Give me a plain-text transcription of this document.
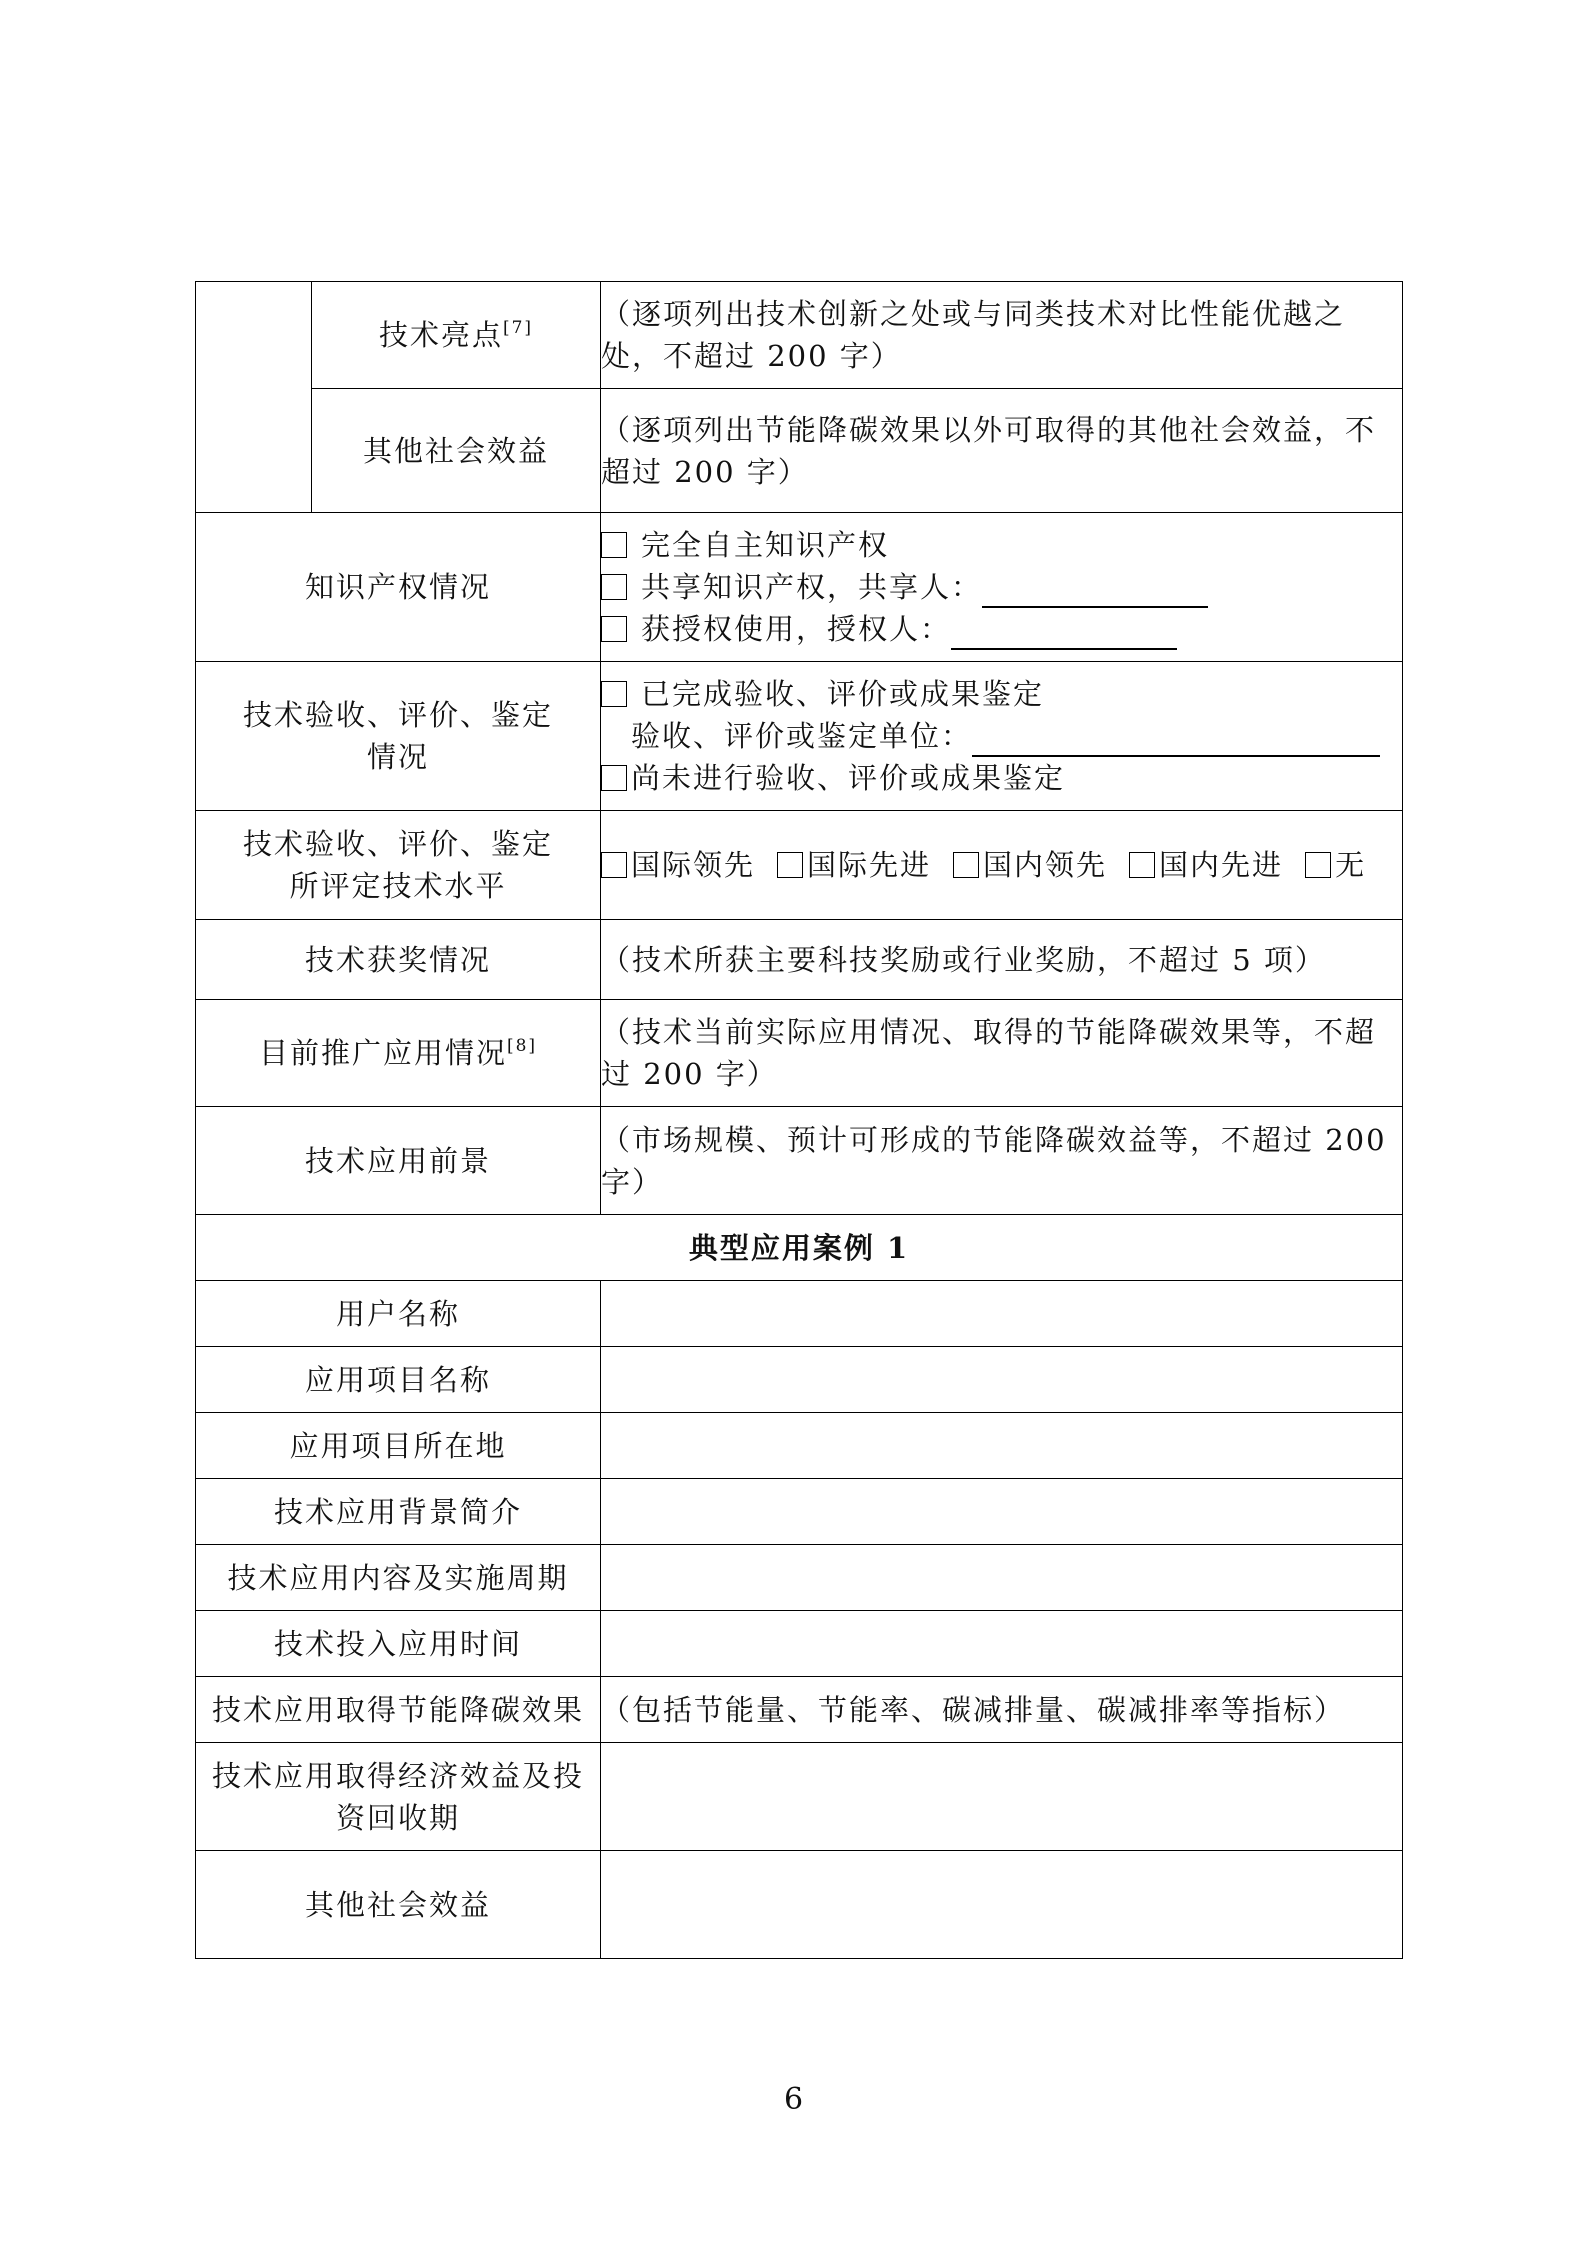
	技术亮点[7]	（逐项列出技术创新之处或与同类技术对比性能优越之
处，不超过 200 字）

	其他社会效益	（逐项列出节能降碳效果以外可取得的其他社会效益，不
超过 200 字）

知识产权情况		完全自主知识产权
共享知识产权，共享人：
获授权使用，授权人：

技术验收、评价、鉴定
情况		已完成验收、评价或成果鉴定
验收、评价或鉴定单位：
尚未进行验收、评价或成果鉴定

技术验收、评价、鉴定
所评定技术水平		国际领先 国际先进 国内领先 国内先进 无

技术获奖情况		（技术所获主要科技奖励或行业奖励，不超过 5 项）
目前推广应用情况[8]		（技术当前实际应用情况、取得的节能降碳效果等，不超
过 200 字）

技术应用前景		（市场规模、预计可形成的节能降碳效益等，不超过 200
字）

典型应用案例 1		
用户名称		
应用项目名称		
应用项目所在地		
技术应用背景简介		
技术应用内容及实施周期		
技术投入应用时间		
技术应用取得节能降碳效果		（包括节能量、节能率、碳减排量、碳减排率等指标）

技术应用取得经济效益及投
资回收期		

其他社会效益		
6
